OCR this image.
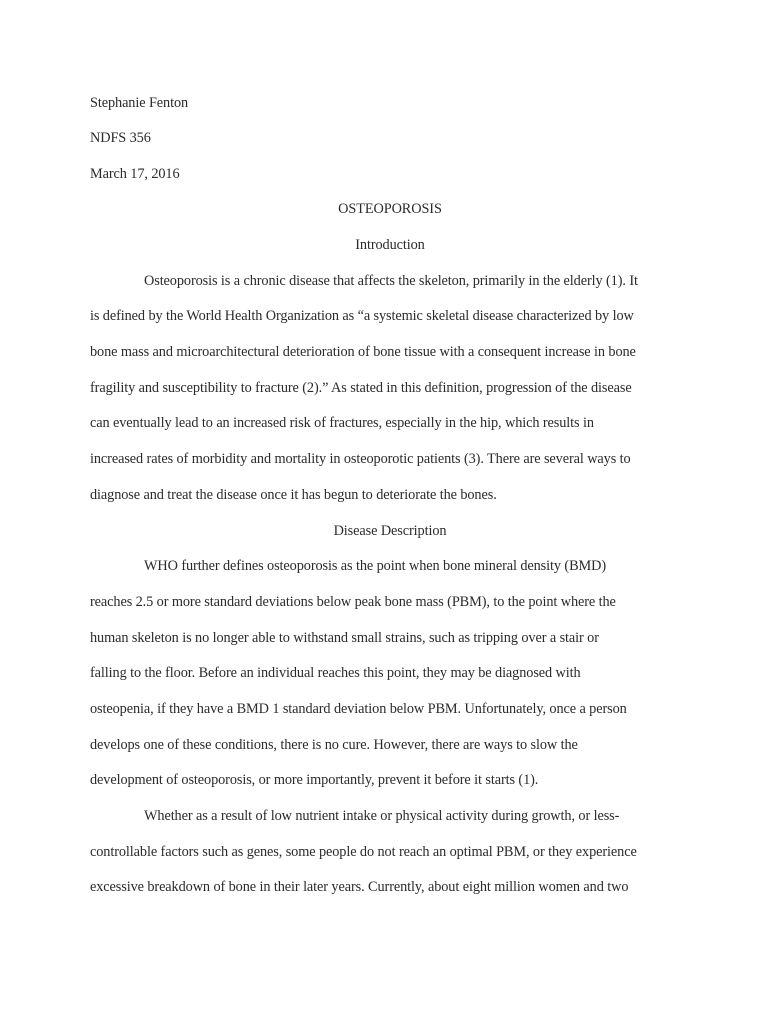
Stephanie Fenton
NDFS 356
March 17, 2016
OSTEOPOROSIS
Introduction
Osteoporosis is a chronic disease that affects the skeleton, primarily in the elderly (1). It
is defined by the World Health Organization as “a systemic skeletal disease characterized by low
bone mass and microarchitectural deterioration of bone tissue with a consequent increase in bone
fragility and susceptibility to fracture (2).” As stated in this definition, progression of the disease
can eventually lead to an increased risk of fractures, especially in the hip, which results in
increased rates of morbidity and mortality in osteoporotic patients (3). There are several ways to
diagnose and treat the disease once it has begun to deteriorate the bones.
Disease Description
WHO further defines osteoporosis as the point when bone mineral density (BMD)
reaches 2.5 or more standard deviations below peak bone mass (PBM), to the point where the
human skeleton is no longer able to withstand small strains, such as tripping over a stair or
falling to the floor. Before an individual reaches this point, they may be diagnosed with
osteopenia, if they have a BMD 1 standard deviation below PBM. Unfortunately, once a person
develops one of these conditions, there is no cure. However, there are ways to slow the
development of osteoporosis, or more importantly, prevent it before it starts (1).
Whether as a result of low nutrient intake or physical activity during growth, or less-
controllable factors such as genes, some people do not reach an optimal PBM, or they experience
excessive breakdown of bone in their later years. Currently, about eight million women and two
